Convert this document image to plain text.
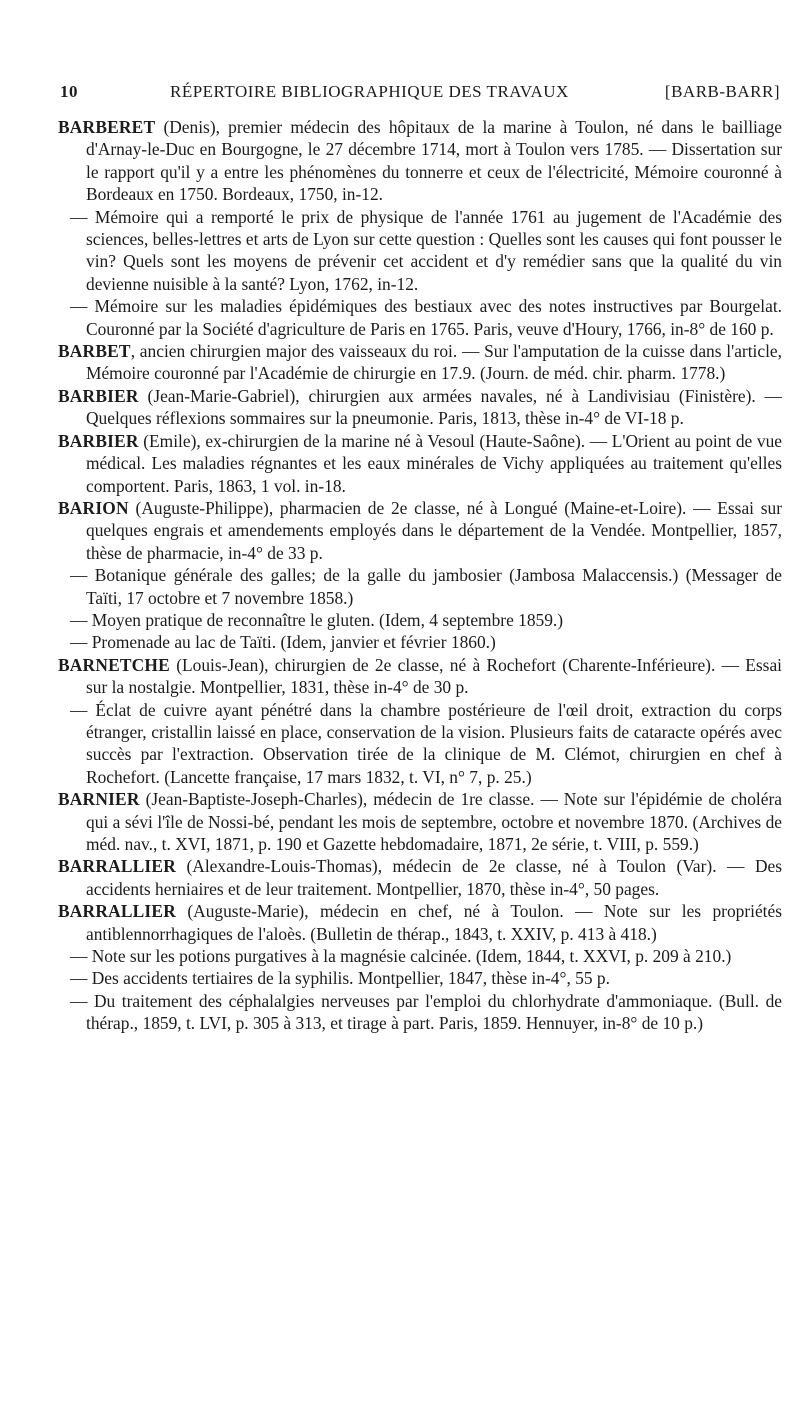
10	RÉPERTOIRE BIBLIOGRAPHIQUE DES TRAVAUX	[BARB-BARR]

BARBERET (Denis), premier médecin des hôpitaux de la marine à Toulon, né dans le bailliage d'Arnay-le-Duc en Bourgogne, le 27 décembre 1714, mort à Toulon vers 1785. — Dissertation sur le rapport qu'il y a entre les phénomènes du tonnerre et ceux de l'électricité, Mémoire couronné à Bordeaux en 1750. Bordeaux, 1750, in-12.

— Mémoire qui a remporté le prix de physique de l'année 1761 au jugement de l'Académie des sciences, belles-lettres et arts de Lyon sur cette question : Quelles sont les causes qui font pousser le vin? Quels sont les moyens de prévenir cet accident et d'y remédier sans que la qualité du vin devienne nuisible à la santé? Lyon, 1762, in-12.

— Mémoire sur les maladies épidémiques des bestiaux avec des notes instructives par Bourgelat. Couronné par la Société d'agriculture de Paris en 1765. Paris, veuve d'Houry, 1766, in-8° de 160 p.

BARBET, ancien chirurgien major des vaisseaux du roi. — Sur l'amputation de la cuisse dans l'article, Mémoire couronné par l'Académie de chirurgie en 17.9. (Journ. de méd. chir. pharm. 1778.)

BARBIER (Jean-Marie-Gabriel), chirurgien aux armées navales, né à Landivisiau (Finistère). — Quelques réflexions sommaires sur la pneumonie. Paris, 1813, thèse in-4° de VI-18 p.

BARBIER (Emile), ex-chirurgien de la marine né à Vesoul (Haute-Saône). — L'Orient au point de vue médical. Les maladies régnantes et les eaux minérales de Vichy appliquées au traitement qu'elles comportent. Paris, 1863, 1 vol. in-18.

BARION (Auguste-Philippe), pharmacien de 2e classe, né à Longué (Maine-et-Loire). — Essai sur quelques engrais et amendements employés dans le département de la Vendée. Montpellier, 1857, thèse de pharmacie, in-4° de 33 p.

— Botanique générale des galles; de la galle du jambosier (Jambosa Malaccensis.) (Messager de Taïti, 17 octobre et 7 novembre 1858.)

— Moyen pratique de reconnaître le gluten. (Idem, 4 septembre 1859.)

— Promenade au lac de Taïti. (Idem, janvier et février 1860.)

BARNETCHE (Louis-Jean), chirurgien de 2e classe, né à Rochefort (Charente-Inférieure). — Essai sur la nostalgie. Montpellier, 1831, thèse in-4° de 30 p.

— Éclat de cuivre ayant pénétré dans la chambre postérieure de l'œil droit, extraction du corps étranger, cristallin laissé en place, conservation de la vision. Plusieurs faits de cataracte opérés avec succès par l'extraction. Observation tirée de la clinique de M. Clémot, chirurgien en chef à Rochefort. (Lancette française, 17 mars 1832, t. VI, n° 7, p. 25.)

BARNIER (Jean-Baptiste-Joseph-Charles), médecin de 1re classe. — Note sur l'épidémie de choléra qui a sévi l'île de Nossi-bé, pendant les mois de septembre, octobre et novembre 1870. (Archives de méd. nav., t. XVI, 1871, p. 190 et Gazette hebdomadaire, 1871, 2e série, t. VIII, p. 559.)

BARRALLIER (Alexandre-Louis-Thomas), médecin de 2e classe, né à Toulon (Var). — Des accidents herniaires et de leur traitement. Montpellier, 1870, thèse in-4°, 50 pages.

BARRALLIER (Auguste-Marie), médecin en chef, né à Toulon. — Note sur les propriétés antiblennorrhagiques de l'aloès. (Bulletin de thérap., 1843, t. XXIV, p. 413 à 418.)

— Note sur les potions purgatives à la magnésie calcinée. (Idem, 1844, t. XXVI, p. 209 à 210.)

— Des accidents tertiaires de la syphilis. Montpellier, 1847, thèse in-4°, 55 p.

— Du traitement des céphalalgies nerveuses par l'emploi du chlorhydrate d'ammoniaque. (Bull. de thérap., 1859, t. LVI, p. 305 à 313, et tirage à part. Paris, 1859. Hennuyer, in-8° de 10 p.)
